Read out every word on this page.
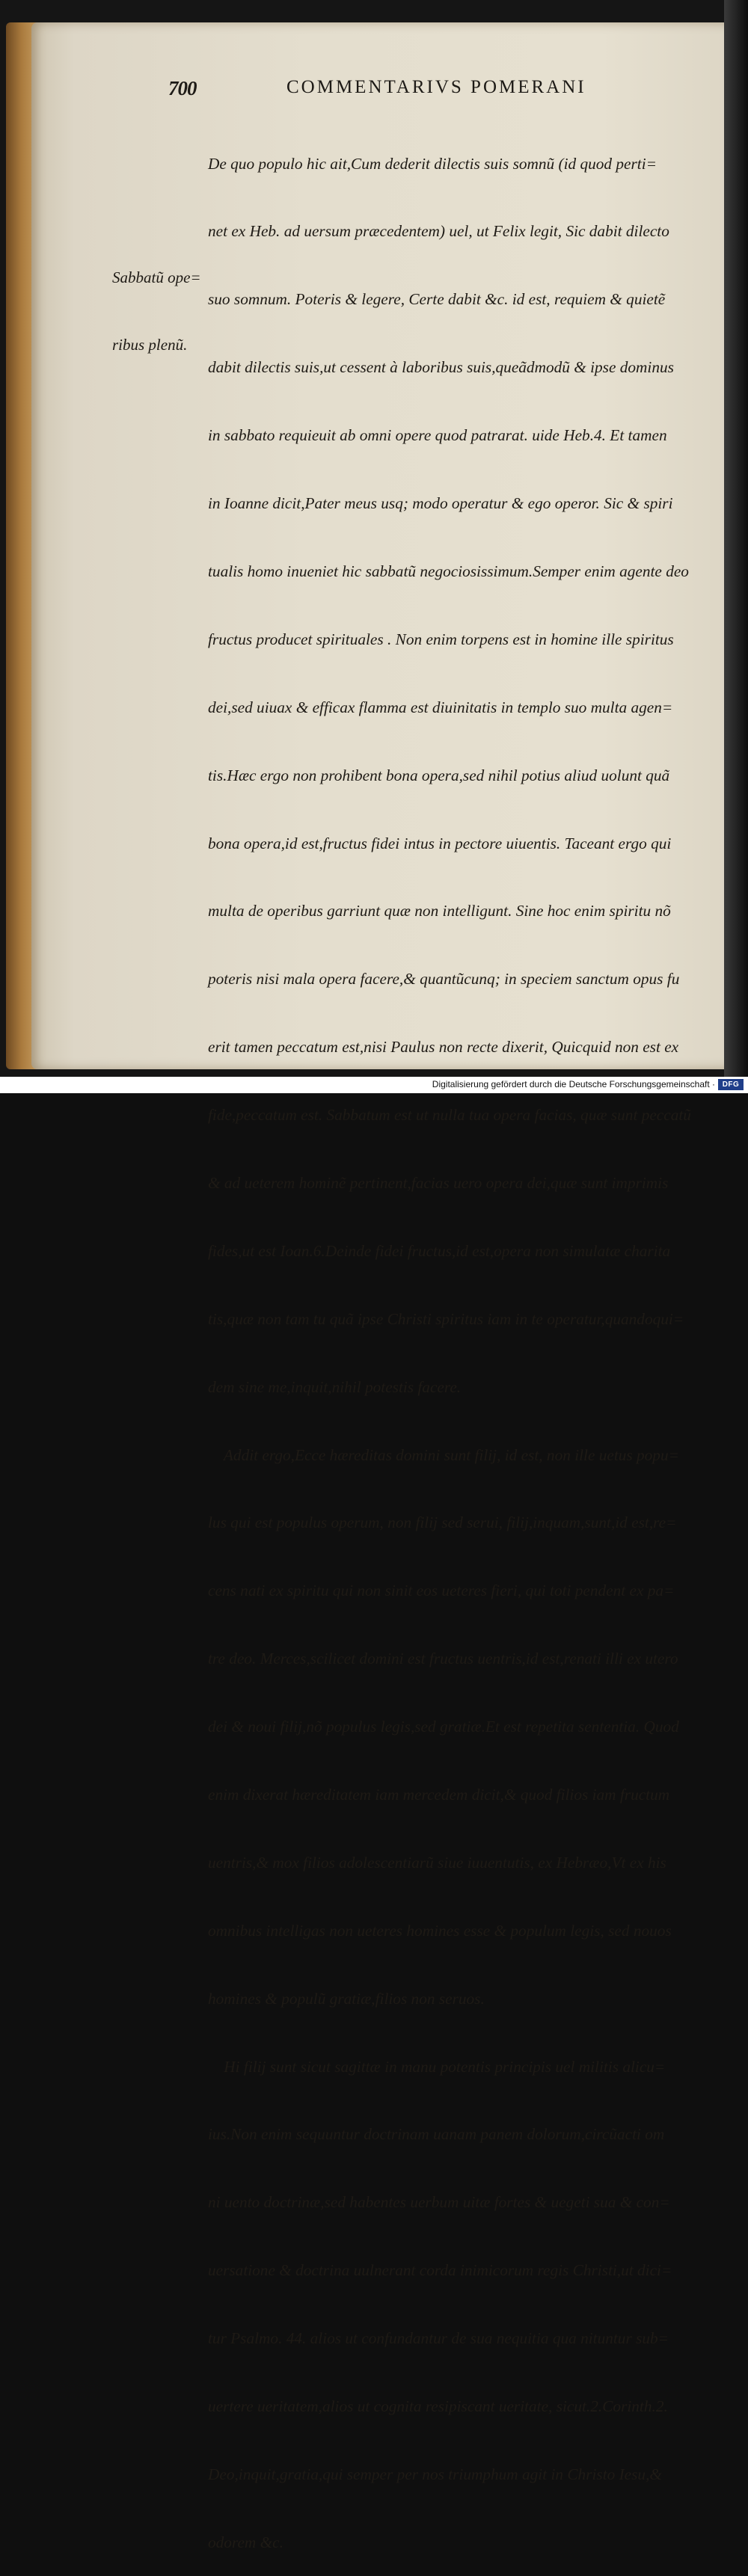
700	COMMENTARIVS POMERANI

Sabbatũ ope=

ribus plenũ.

De quo populo hic ait,Cum dederit dilectis suis somnũ (id quod perti=

net ex Heb. ad uersum præcedentem) uel, ut Felix legit, Sic dabit dilecto

suo somnum. Poteris & legere, Certe dabit &c. id est, requiem & quietẽ

dabit dilectis suis,ut cessent à laboribus suis,queãdmodũ & ipse dominus

in sabbato requieuit ab omni opere quod patrarat. uide Heb.4. Et tamen

in Ioanne dicit,Pater meus usq; modo operatur & ego operor. Sic & spiri

tualis homo inueniet hic sabbatũ negociosissimum.Semper enim agente deo

fructus producet spirituales . Non enim torpens est in homine ille spiritus

dei,sed uiuax & efficax flamma est diuinitatis in templo suo multa agen=

tis.Hæc ergo non prohibent bona opera,sed nihil potius aliud uolunt quã

bona opera,id est,fructus fidei intus in pectore uiuentis. Taceant ergo qui

multa de operibus garriunt quæ non intelligunt. Sine hoc enim spiritu nõ

poteris nisi mala opera facere,& quantũcunq; in speciem sanctum opus fu

erit tamen peccatum est,nisi Paulus non recte dixerit, Quicquid non est ex

fide,peccatum est. Sabbatum est ut nulla tua opera facias, quæ sunt peccatũ

& ad ueterem hominẽ pertinent,facias uero opera dei,quæ sunt imprimis

fides,ut est Ioan.6.Deinde fidei fructus,id est,opera non simulatæ charita

tis,quæ non tam tu quã ipse Christi spiritus iam in te operatur,quandoqui=

dem sine me,inquit,nihil potestis facere.

Addit ergo,Ecce hæreditas domini sunt filij, id est, non ille uetus popu=

lus qui est populus operum, non filij sed serui, filij,inquam,sunt,id est,re=

cens nati ex spiritu qui non sinit eos ueteres fieri, qui toti pendent ex pa=

tre deo. Merces,scilicet domini est fructus uentris,id est,renati illi ex utero

dei & noui filij,nõ populus legis,sed gratiæ.Et est repetita sententia. Quod

enim dixerat hæreditatem iam mercedem dicit,& quod filios iam fructum

uentris,& mox filios adolescentiarũ siue iuuentutis, ex Hebræo,Vt ex his

omnibus intelligas non ueteres homines esse & populum legis, sed nouos

homines & populũ gratiæ,filios non seruos.

Hi filij sunt sicut sagittæ in manu potentis principis uel militis alicu=

ius.Non enim sequuntur doctrinam uanam panem dolorum,circũacti om

ni uento doctrinæ,sed habentes uerbum uitæ fortes & uegeti sua & con=

uersatione & doctrina uulnerant corda inimicorum regis Christi,ut dici=

tur Psalmo. 44. alios ut confundantur de sua nequitia qua nituntur sub=

uertere ueritatem,alios ut cognita resipiscant ueritate, sicut.2.Corinth.2.

Deo,inquit,gratia,qui semper per nos triumphum agit in Christo Iesu,&

odorem &c.

Digitalisierung gefördert durch die Deutsche Forschungsgemeinschaft · DFG
